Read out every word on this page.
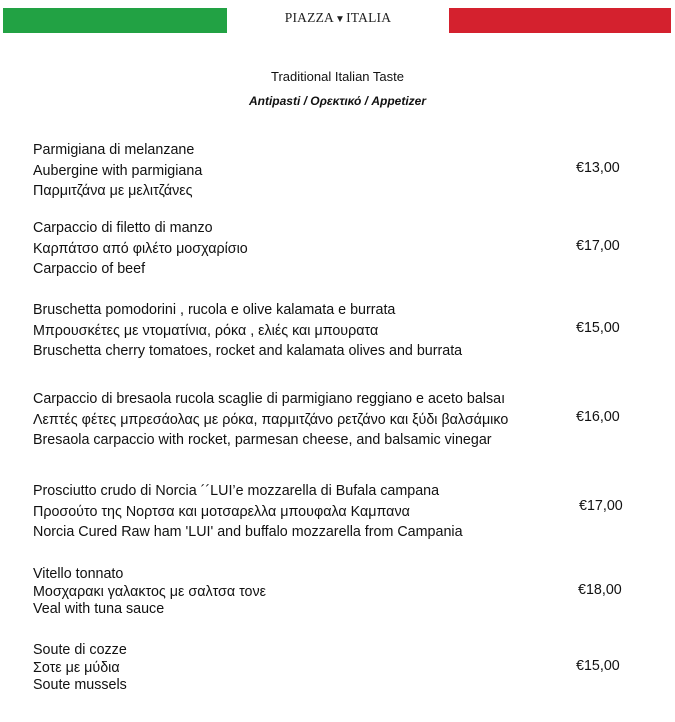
PIAZZA▼ITALIA
Traditional Italian Taste
Antipasti / Ορεκτικό / Appetizer
Parmigiana di melanzane
Aubergine with parmigiana
Παρμιτζάνα με μελιτζάνες
€13,00
Carpaccio di filetto di manzo
Καρπάτσο από φιλέτο μοσχαρίσιο
Carpaccio of beef
€17,00
Bruschetta pomodorini , rucola e olive kalamata e burrata
Μπρουσκέτες με ντοματίνια, ρόκα , ελιές και μπουρατα
Bruschetta cherry tomatoes, rocket and kalamata olives and burrata
€15,00
Carpaccio di bresaola rucola scaglie di parmigiano reggiano e aceto balsaı
Λεπτές φέτες μπρεσάολας με ρόκα, παρμιτζάνο ρετζάνο και ξύδι βαλσάμικο
Bresaola carpaccio with rocket, parmesan cheese, and balsamic vinegar
€16,00
Prosciutto crudo di Norcia ´´LUI’e mozzarella di Bufala campana
Προσούτο της Νορτσα και μοτσαρελλα μπουφαλα Καμπανα
Norcia Cured Raw ham 'LUI' and buffalo mozzarella from Campania
€17,00
Vitello tonnato
Μοσχαρακι γαλακτος με σαλτσα τονε
Veal with tuna sauce
€18,00
Soute di cozze
Σοτε με μύδια
Soute mussels
€15,00
